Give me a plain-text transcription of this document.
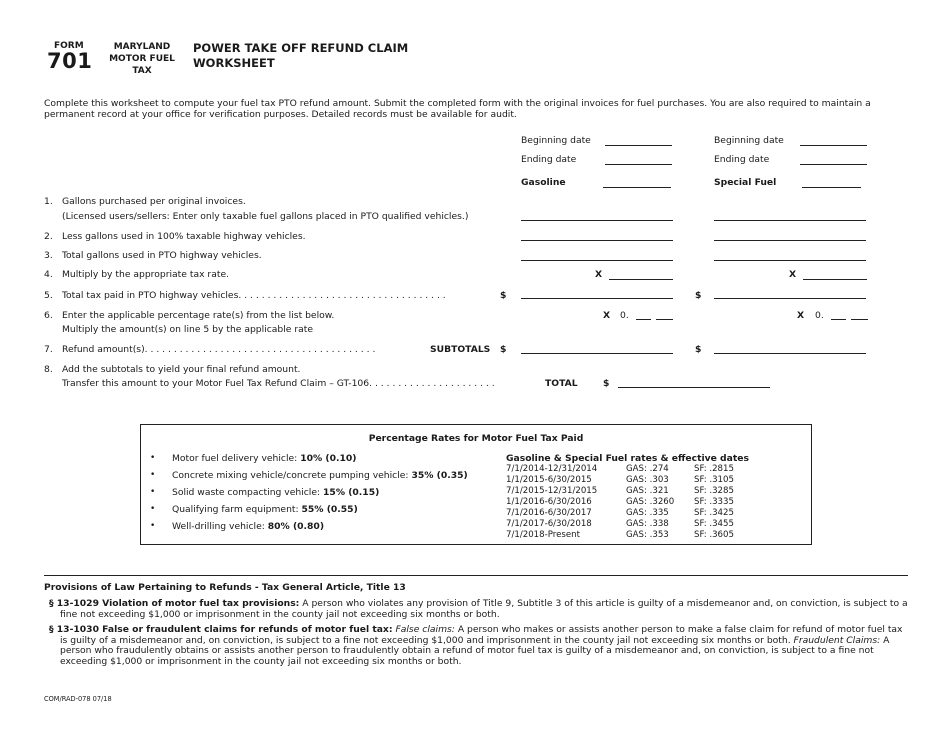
FORM
701
MARYLAND
MOTOR FUEL
TAX
POWER TAKE OFF REFUND CLAIM
WORKSHEET
Complete this worksheet to compute your fuel tax PTO refund amount. Submit the completed form with the original invoices for fuel purchases. You are also required to maintain a permanent record at your office for verification purposes. Detailed records must be available for audit.
Beginning date	Beginning date
Ending date	Ending date
Gasoline	Special Fuel
1. Gallons purchased per original invoices.
(Licensed users/sellers: Enter only taxable fuel gallons placed in PTO qualified vehicles.)
2. Less gallons used in 100% taxable highway vehicles.
3. Total gallons used in PTO highway vehicles.
4. Multiply by the appropriate tax rate.	X	X
5. Total tax paid in PTO highway vehicles. . . . . . . . . . . . . . . . . . . . . . . . . . . . . . . . . . . .	$	$
6. Enter the applicable percentage rate(s) from the list below.
Multiply the amount(s) on line 5 by the applicable rate
X 0.	X 0.
7. Refund amount(s). . . . . . . . . . . . . . . . . . . . . . . . . . . . . . . . . . . . . . . .	SUBTOTALS $	$
8. Add the subtotals to yield your final refund amount.
Transfer this amount to your Motor Fuel Tax Refund Claim – GT-106. . . . . . . . . . . . . . . . . . . . . .	TOTAL	$
Percentage Rates for Motor Fuel Tax Paid
• Motor fuel delivery vehicle: 10% (0.10)
• Concrete mixing vehicle/concrete pumping vehicle: 35% (0.35)
• Solid waste compacting vehicle: 15% (0.15)
• Qualifying farm equipment: 55% (0.55)
• Well-drilling vehicle: 80% (0.80)
Gasoline & Special Fuel rates & effective dates
7/1/2014-12/31/2014	GAS: .274	SF: .2815
1/1/2015-6/30/2015	GAS: .303	SF: .3105
7/1/2015-12/31/2015	GAS: .321	SF: .3285
1/1/2016-6/30/2016	GAS: .3260 SF: .3335
7/1/2016-6/30/2017	GAS: .335	SF: .3425
7/1/2017-6/30/2018	GAS: .338	SF: .3455
7/1/2018-Present	GAS: .353	SF: .3605
Provisions of Law Pertaining to Refunds - Tax General Article, Title 13
§ 13-1029 Violation of motor fuel tax provisions: A person who violates any provision of Title 9, Subtitle 3 of this article is guilty of a misdemeanor and, on conviction, is subject to a fine not exceeding $1,000 or imprisonment in the county jail not exceeding six months or both.
§ 13-1030 False or fraudulent claims for refunds of motor fuel tax: False claims: A person who makes or assists another person to make a false claim for refund of motor fuel tax is guilty of a misdemeanor and, on conviction, is subject to a fine not exceeding $1,000 and imprisonment in the county jail not exceeding six months or both. Fraudulent Claims: A person who fraudulently obtains or assists another person to fraudulently obtain a refund of motor fuel tax is guilty of a misdemeanor and, on conviction, is subject to a fine not exceeding $1,000 or imprisonment in the county jail not exceeding six months or both.
COM/RAD-078 07/18
